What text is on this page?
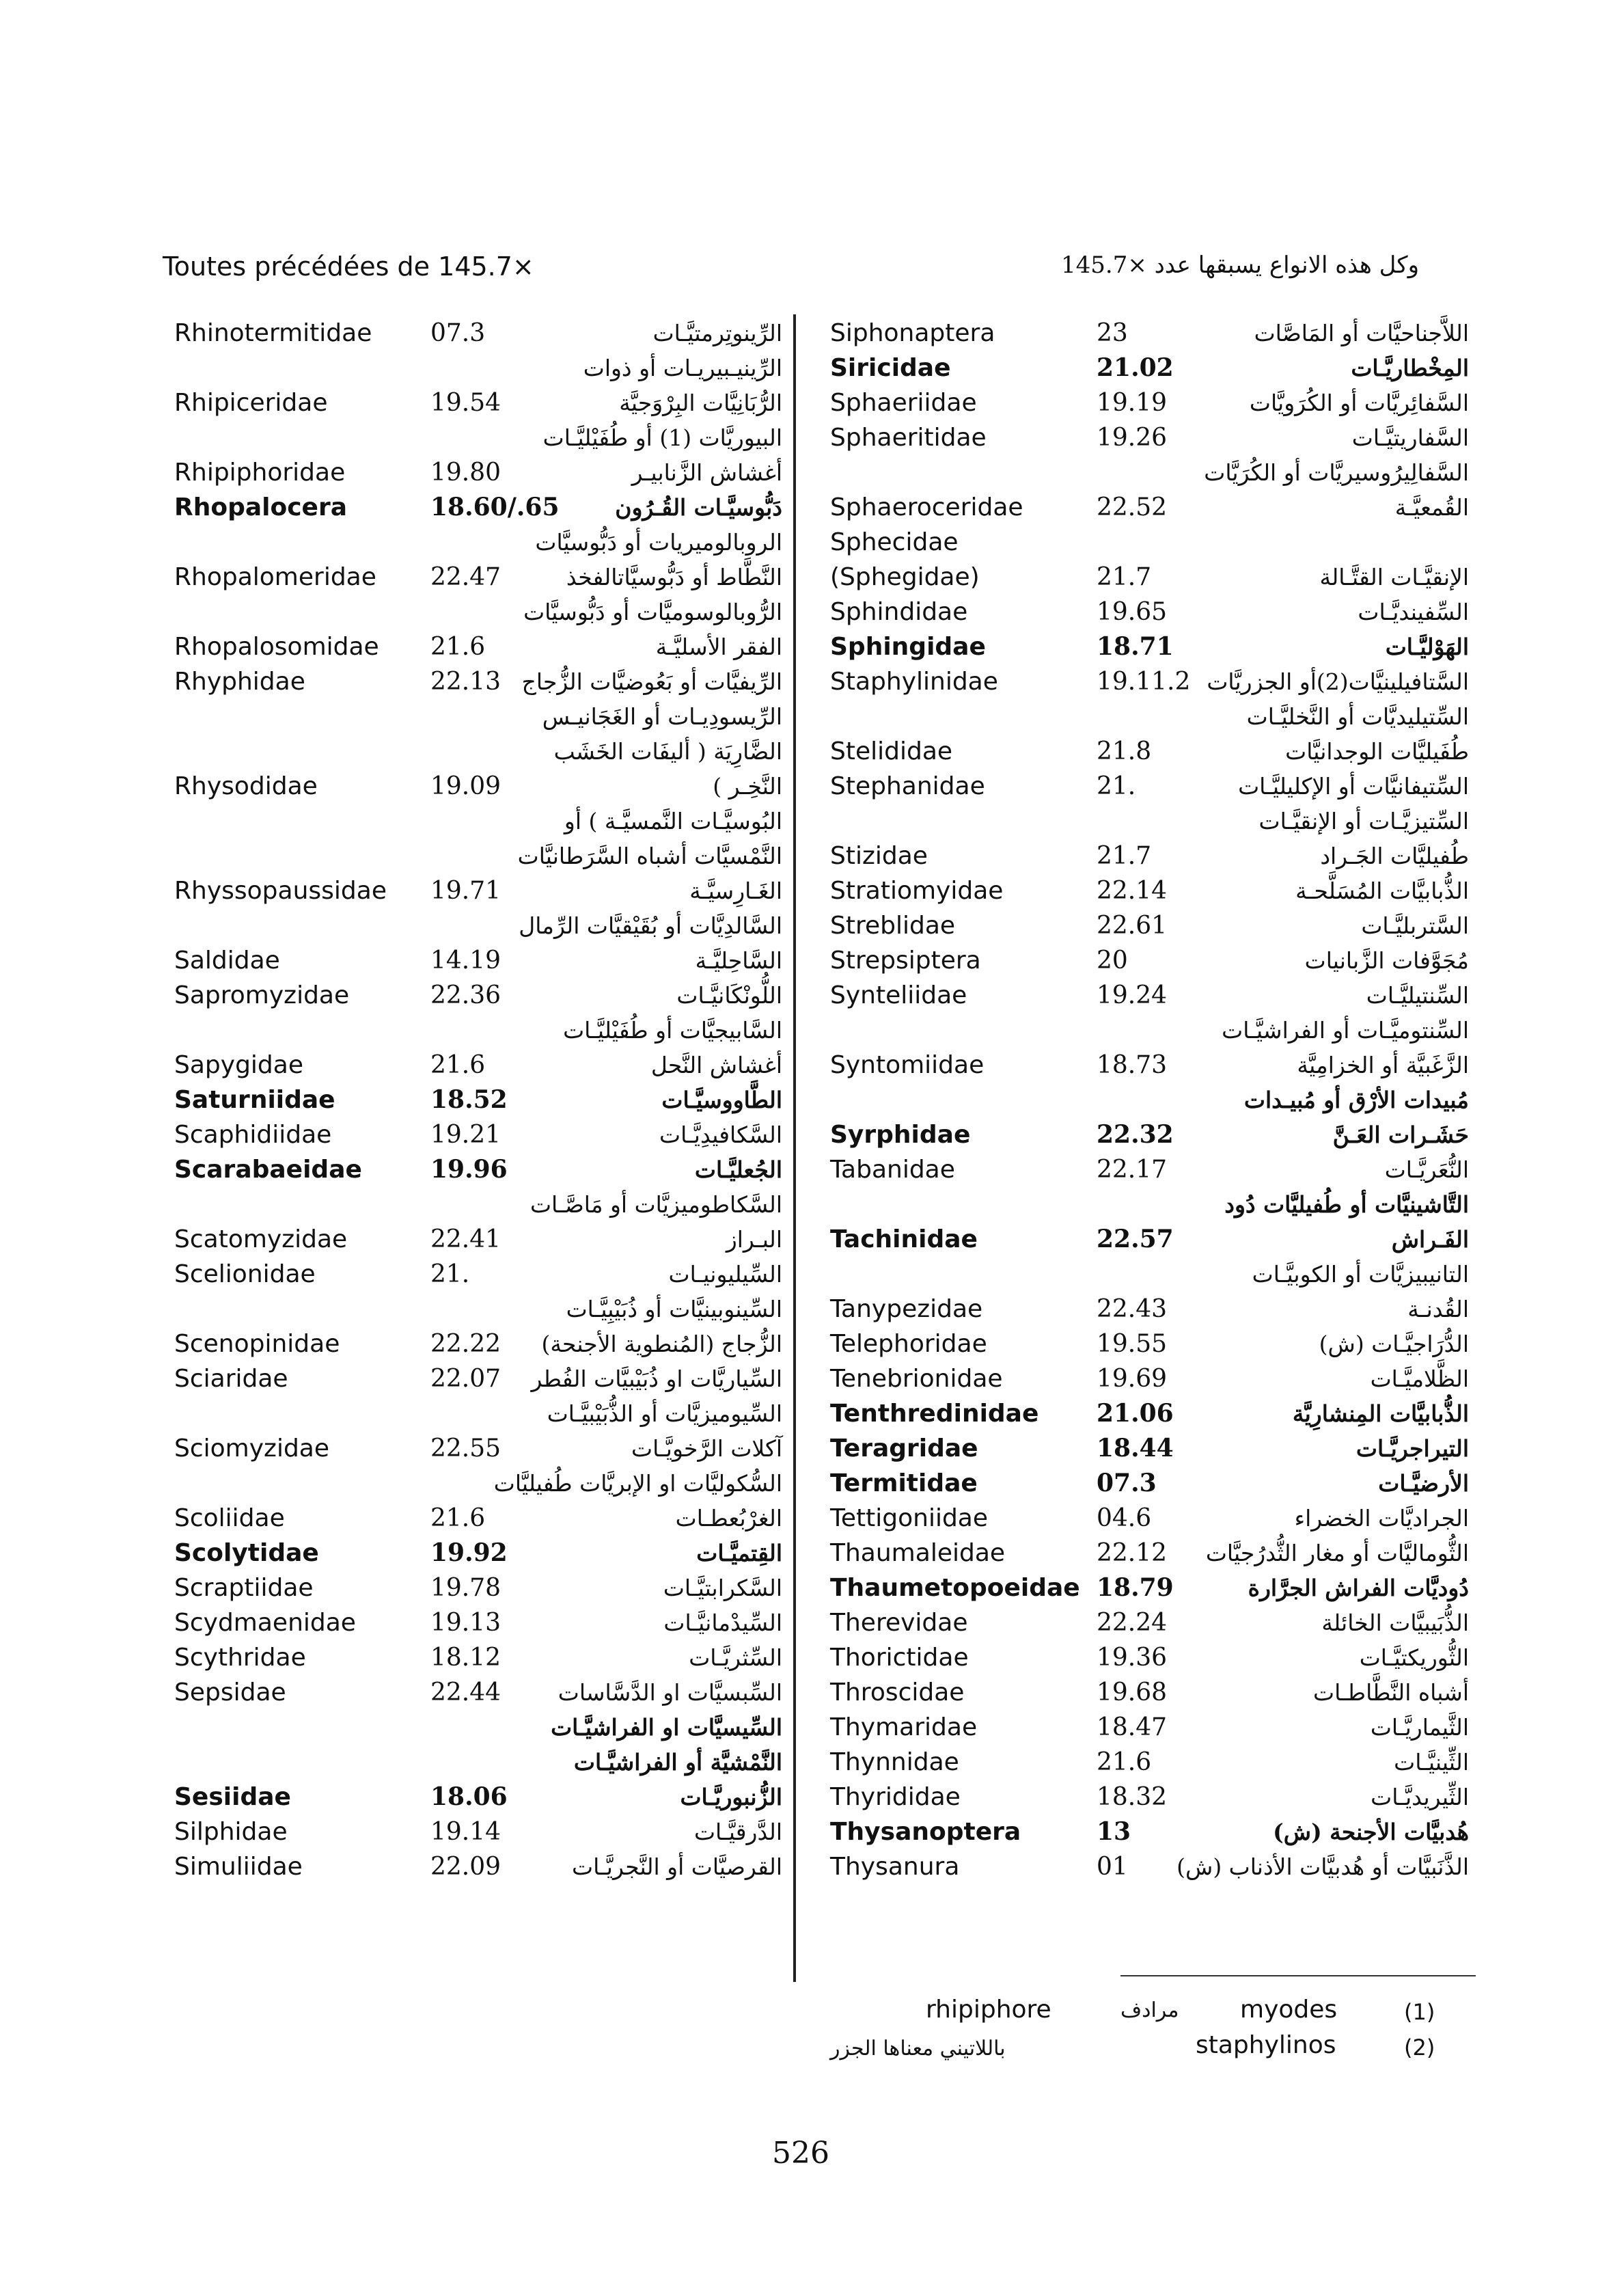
Toutes précédées de 145.7×	وكل هذه الانواع يسبقها عدد ×145.7
Rhinotermitidae 07.3	الرِّينوتِرمتيَّـات
الرِّينيـبيريـات أو ذوات
Rhipiceridae	19.54	الرُّبَانِيَّات البِرْوَجيَّة
البيوريَّات (1) أو طُفَيْليَّـات
Rhipiphoridae	19.80	أغشاش الزَّنابيـر
Rhopalocera	18.60/.65 دَبُّوسيَّـات القُـرُون
الروبالوميريات أو دَبُّوسيَّات
Rhopalomeridae 22.47	النَّطَّاط أو دَبُّوسيَّاتالفخذ
الرُّوبالوسوميَّات أو دَبُّوسيَّات
Rhopalosomidae 21.6	الفقر الأسليَّـة
Rhyphidae	22.13 الرِّيفيَّات أو بَعُوضيَّات الزُّجاج
الرِّيسودِيـات أو الغَجَانيـس
الضَّارِيَة ( أليفَات الخَشَب
Rhysodidae	19.09	النَّخِـر )
البُوسيَّـات النَّمسيَّـة ) أو
النَّمْسيَّات أشباه السَّرَطانيَّات
Rhyssopaussidae 19.71	الغَـارِسيَّـة
السَّالدِيَّات أو بُقَيْقيَّات الرِّمال
Saldidae	14.19	السَّاحِليَّـة
Sapromyzidae	22.36	اللُّونْكَانيَّـات
السَّابيجيَّات أو طُفَيْليَّـات
Sapygidae	21.6	أغشاش النَّحل
Saturniidae	18.52	الطَّاووسيَّـات
Scaphidiidae	19.21	السَّكافيدِيَّـات
Scarabaeidae	19.96	الجُعليَّـات
السَّكاطوميزيَّات أو مَاصَّـات
Scatomyzidae	22.41	البـراز
Scelionidae	21.	السِّيليونيـات
السِّينوبينيَّات أو ذُبَيْبِيَّـات
Scenopinidae	22.22 الزُّجاج (المُنطوية الأجنحة)
Sciaridae	22.07 السِّياريَّات او ذُبَيْبيَّات الفُطر
السِّيوميزيَّات أو الذُّبَيْبيَّـات
Sciomyzidae	22.55	آكلات الرَّخويَّـات
السُّكوليَّات او الإبريَّات طُفيليَّات
Scoliidae	21.6	الغرْبُعطـات
Scolytidae	19.92	القِتميَّـات
Scraptiidae	19.78	السَّكرابتيَّـات
Scydmaenidae	19.13	السِّيدْمانيَّـات
Scythridae	18.12	السِّثريَّـات
Sepsidae	22.44	السِّبسيَّات او الدَّسَّاسات
السِّيسيَّات او الفراشيَّـات
النَّمْشيَّة أو الفراشيَّـات
Sesiidae	18.06	الزُّنبوريَّـات
Silphidae	19.14	الدَّرقيَّـات
Simuliidae	22.09	القرصيَّات أو النَّجريَّـات
Siphonaptera	23	اللاَّجناحيَّات أو المَاصَّات
Siricidae	21.02	المِخْطاريَّـات
Sphaeriidae	19.19	السَّفائِريَّات أو الكُرَويَّات
Sphaeritidae	19.26	السَّفاريتيَّـات
السَّفالِيرُوسيريَّات أو الكُرَيَّات
Sphaeroceridae	22.52	القُمعيَّـة
Sphecidae
(Sphegidae)	21.7	الإنقيَّـات القتَّـالة
Sphindidae	19.65	السِّفينديَّـات
Sphingidae	18.71	الهَوْليَّـات
Staphylinidae	19.11.2 السَّتافيلينيَّات(2)أو الجزريَّات
السِّتيليديَّات أو النَّخليَّـات
Stelididae	21.8	طُفَيليَّات الوجدانيَّات
Stephanidae	21.	السِّتيفانيَّات أو الإكليليَّـات
السِّتيزيَّـات أو الإنقيَّـات
Stizidae	21.7	طُفيليَّات الجَـراد
Stratiomyidae	22.14	الذُّبابيَّات المُسَلَّحـة
Streblidae	22.61	السَّتربليَّـات
Strepsiptera	20	مُجَوَّفات الزَّبانيات
Synteliidae	19.24	السِّنتيليَّـات
السِّنتوميَّـات أو الفراشيَّـات
Syntomiidae	18.73	الزَّغَبيَّة أو الخزامِيَّة
مُبيدات الأرْق أو مُبيـدات
Syrphidae	22.32	حَشَـرات العَـنَّ
Tabanidae	22.17	النُّعَريَّـات
التَّاشينيَّات أو طُفيليَّات دُود
Tachinidae	22.57	الفَـراش
التانيبيزيَّات أو الكوبيَّـات
Tanypezidae	22.43	القُدنـة
Telephoridae	19.55	الدُّرَاجيَّـات (ش)
Tenebrionidae	19.69	الظَّلاميَّـات
Tenthredinidae 21.06	الذُّبابيَّات المِنشارِيَّة
Teragridae	18.44	التيراجريَّـات
Termitidae	07.3	الأرضيَّـات
Tettigoniidae	04.6	الجراديَّات الخضراء
Thaumaleidae	22.12 الثُّوماليَّات أو مغار الثُّدرُجيَّات
Thaumetopoeidae 18.79	دُوديَّات الفراش الجرَّارة
Therevidae	22.24	الذُّبَيبيَّات الخائلة
Thorictidae	19.36	الثُّوريكتيَّـات
Throscidae	19.68	أشباه النَّطَّاطـات
Thymaridae	18.47	الثَّيماريَّـات
Thynnidae	21.6	الثِّينيَّـات
Thyrididae	18.32	الثِّيريديَّـات
Thysanoptera	13	هُدبيَّات الأجنحة (ش)
Thysanura	01 الذَّنَبيَّات أو هُدبيَّات الأذناب (ش)
rhipiphore	مرادف myodes	(1)
باللاتيني معناها الجزر	staphylinos	(2)
526
